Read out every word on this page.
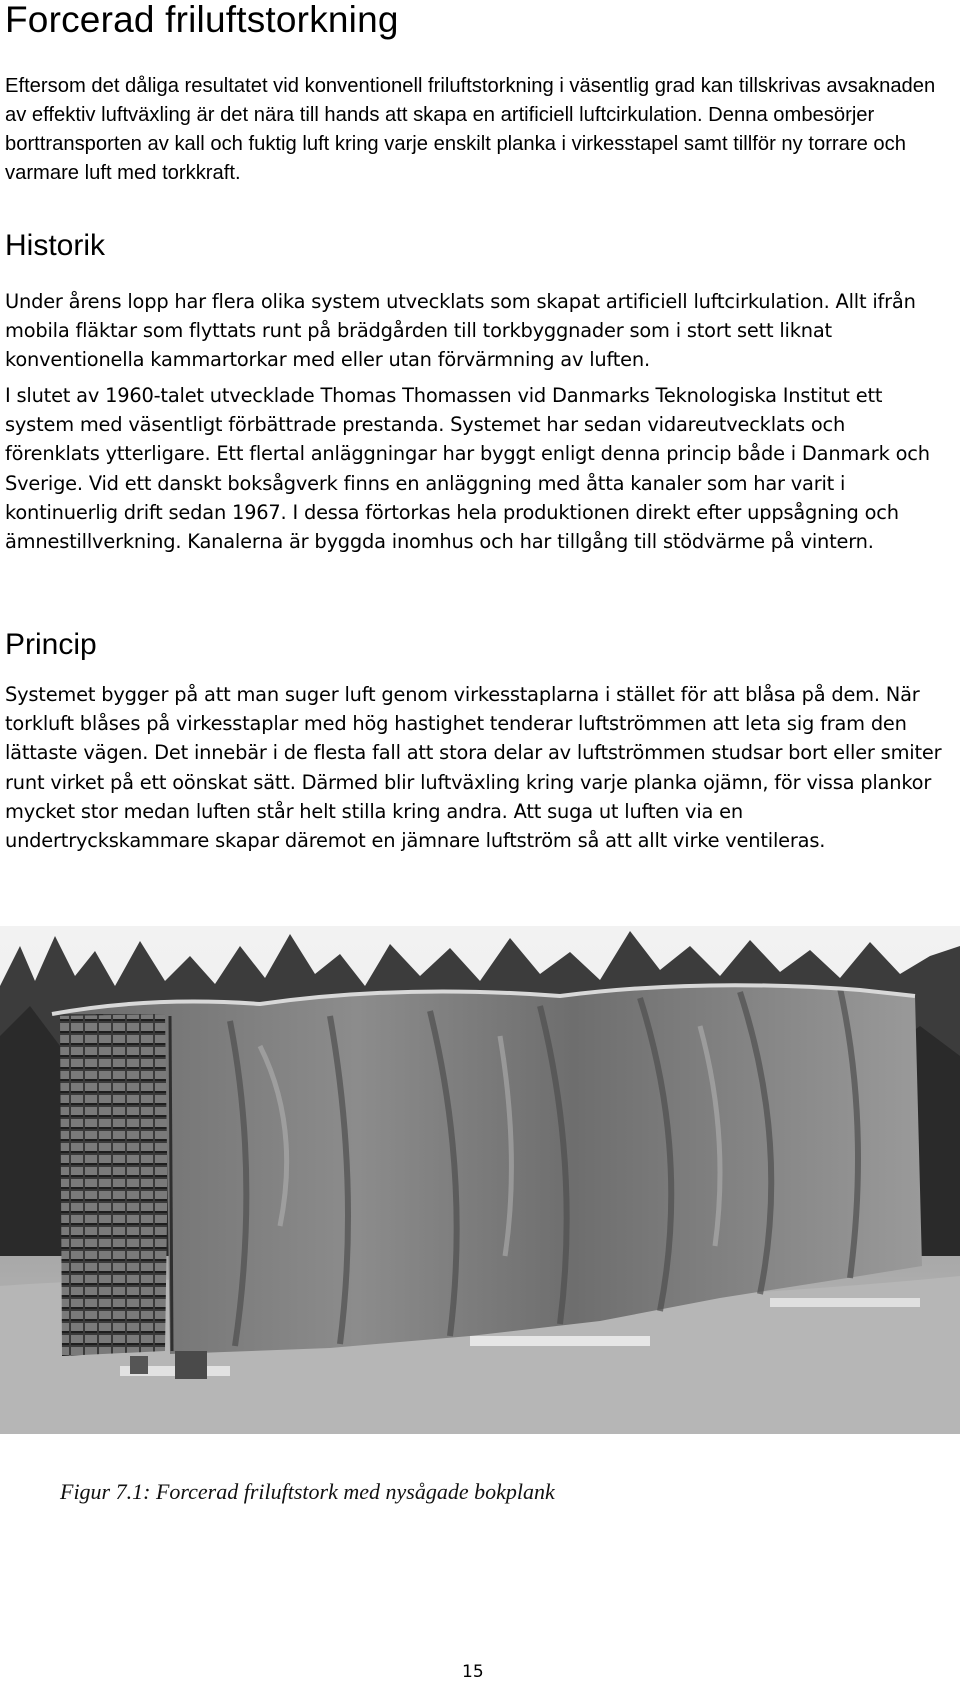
Forcerad friluftstorkning

Eftersom det dåliga resultatet vid konventionell friluftstorkning i väsentlig grad kan tillskrivas avsaknaden av effektiv luftväxling är det nära till hands att skapa en artificiell luftcirkulation. Denna ombesörjer borttransporten av kall och fuktig luft kring varje enskilt planka i virkesstapel samt tillför ny torrare och varmare luft med torkkraft.

Historik

Under årens lopp har flera olika system utvecklats som skapat artificiell luftcirkulation. Allt ifrån mobila fläktar som flyttats runt på brädgården till torkbyggnader som i stort sett liknat konventionella kammartorkar med eller utan förvärmning av luften.

I slutet av 1960-talet utvecklade Thomas Thomassen vid Danmarks Teknologiska Institut ett system med väsentligt förbättrade prestanda. Systemet har sedan vidareutvecklats och förenklats ytterligare. Ett flertal anläggningar har byggt enligt denna princip både i Danmark och Sverige. Vid ett danskt boksågverk finns en anläggning med åtta kanaler som har varit i kontinuerlig drift sedan 1967. I dessa förtorkas hela produktionen direkt efter uppsågning och ämnestillverkning. Kanalerna är byggda inomhus och har tillgång till stödvärme på vintern.

Princip

Systemet bygger på att man suger luft genom virkesstaplarna i stället för att blåsa på dem. När torkluft blåses på virkesstaplar med hög hastighet tenderar luftströmmen att leta sig fram den lättaste vägen. Det innebär i de flesta fall att stora delar av luftströmmen studsar bort eller smiter runt virket på ett oönskat sätt. Därmed blir luftväxling kring varje planka ojämn, för vissa plankor mycket stor medan luften står helt stilla kring andra. Att suga ut luften via en undertryckskammare skapar däremot en jämnare luftström så att allt virke ventileras.

Figur 7.1: Forcerad friluftstork med nysågade bokplank

15
